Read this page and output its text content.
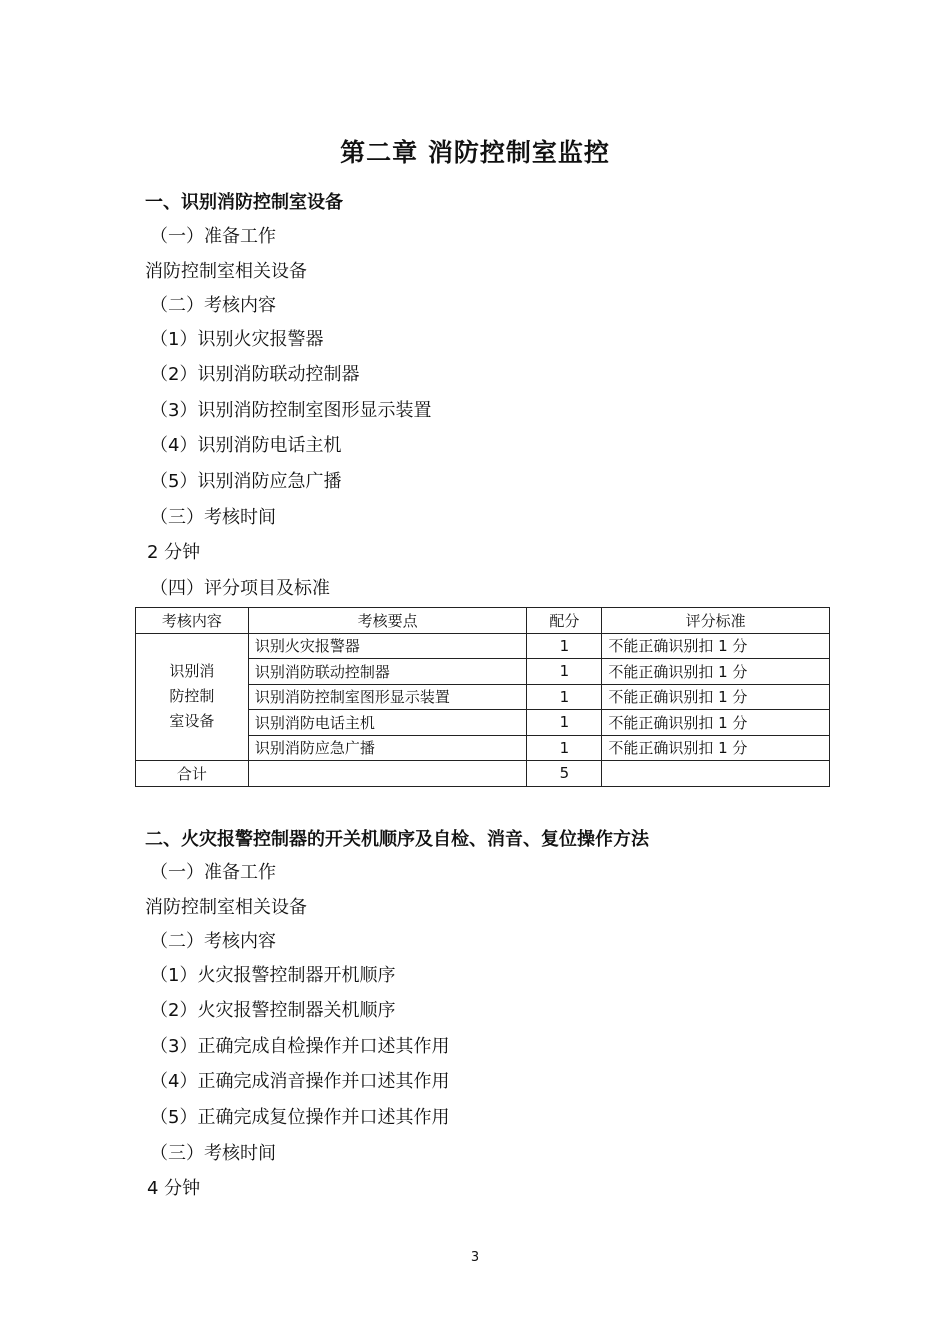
第二章 消防控制室监控
一、识别消防控制室设备
（一）准备工作
消防控制室相关设备
（二）考核内容
（1）识别火灾报警器
（2）识别消防联动控制器
（3）识别消防控制室图形显示装置
（4）识别消防电话主机
（5）识别消防应急广播
（三）考核时间
2 分钟
（四）评分项目及标准
考核内容	考核要点	配分	评分标准

识别消
防控制
室设备	识别火灾报警器	1	不能正确识别扣 1 分
	识别消防联动控制器	1	不能正确识别扣 1 分
	识别消防控制室图形显示装置	1	不能正确识别扣 1 分
	识别消防电话主机	1	不能正确识别扣 1 分
	识别消防应急广播	1	不能正确识别扣 1 分
合计		5	
二、火灾报警控制器的开关机顺序及自检、消音、复位操作方法
（一）准备工作
消防控制室相关设备
（二）考核内容
（1）火灾报警控制器开机顺序
（2）火灾报警控制器关机顺序
（3）正确完成自检操作并口述其作用
（4）正确完成消音操作并口述其作用
（5）正确完成复位操作并口述其作用
（三）考核时间
4 分钟
3
